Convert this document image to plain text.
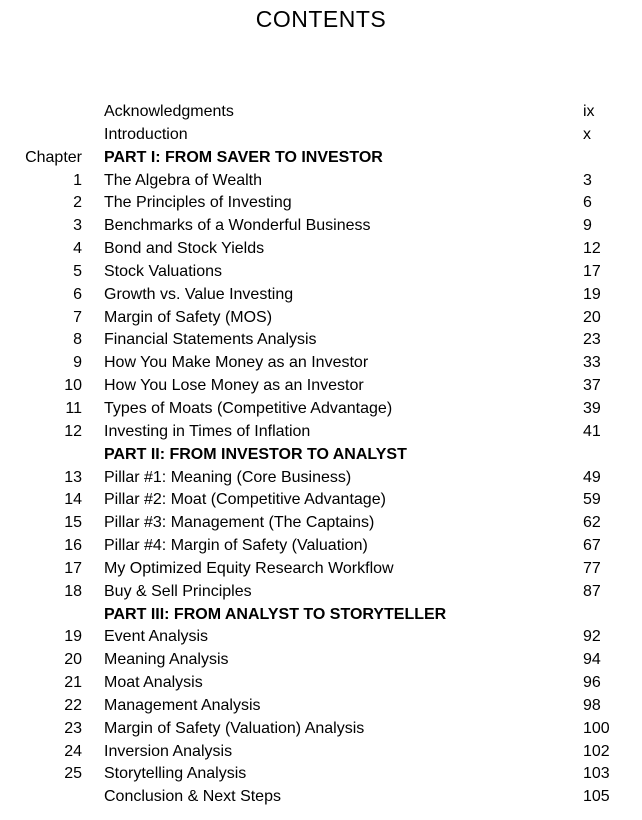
CONTENTS
Acknowledgments	ix
Introduction	x
Chapter PART I: FROM SAVER TO INVESTOR
1 The Algebra of Wealth	3
2 The Principles of Investing	6
3 Benchmarks of a Wonderful Business	9
4 Bond and Stock Yields	12
5 Stock Valuations	17
6 Growth vs. Value Investing	19
7 Margin of Safety (MOS)	20
8 Financial Statements Analysis	23
9 How You Make Money as an Investor	33
10 How You Lose Money as an Investor	37
11 Types of Moats (Competitive Advantage)	39
12 Investing in Times of Inflation	41
PART II: FROM INVESTOR TO ANALYST
13 Pillar #1: Meaning (Core Business)	49
14 Pillar #2: Moat (Competitive Advantage)	59
15 Pillar #3: Management (The Captains)	62
16 Pillar #4: Margin of Safety (Valuation)	67
17 My Optimized Equity Research Workflow	77
18 Buy & Sell Principles	87
PART III: FROM ANALYST TO STORYTELLER
19 Event Analysis	92
20 Meaning Analysis	94
21 Moat Analysis	96
22 Management Analysis	98
23 Margin of Safety (Valuation) Analysis	100
24 Inversion Analysis	102
25 Storytelling Analysis	103
Conclusion & Next Steps	105
